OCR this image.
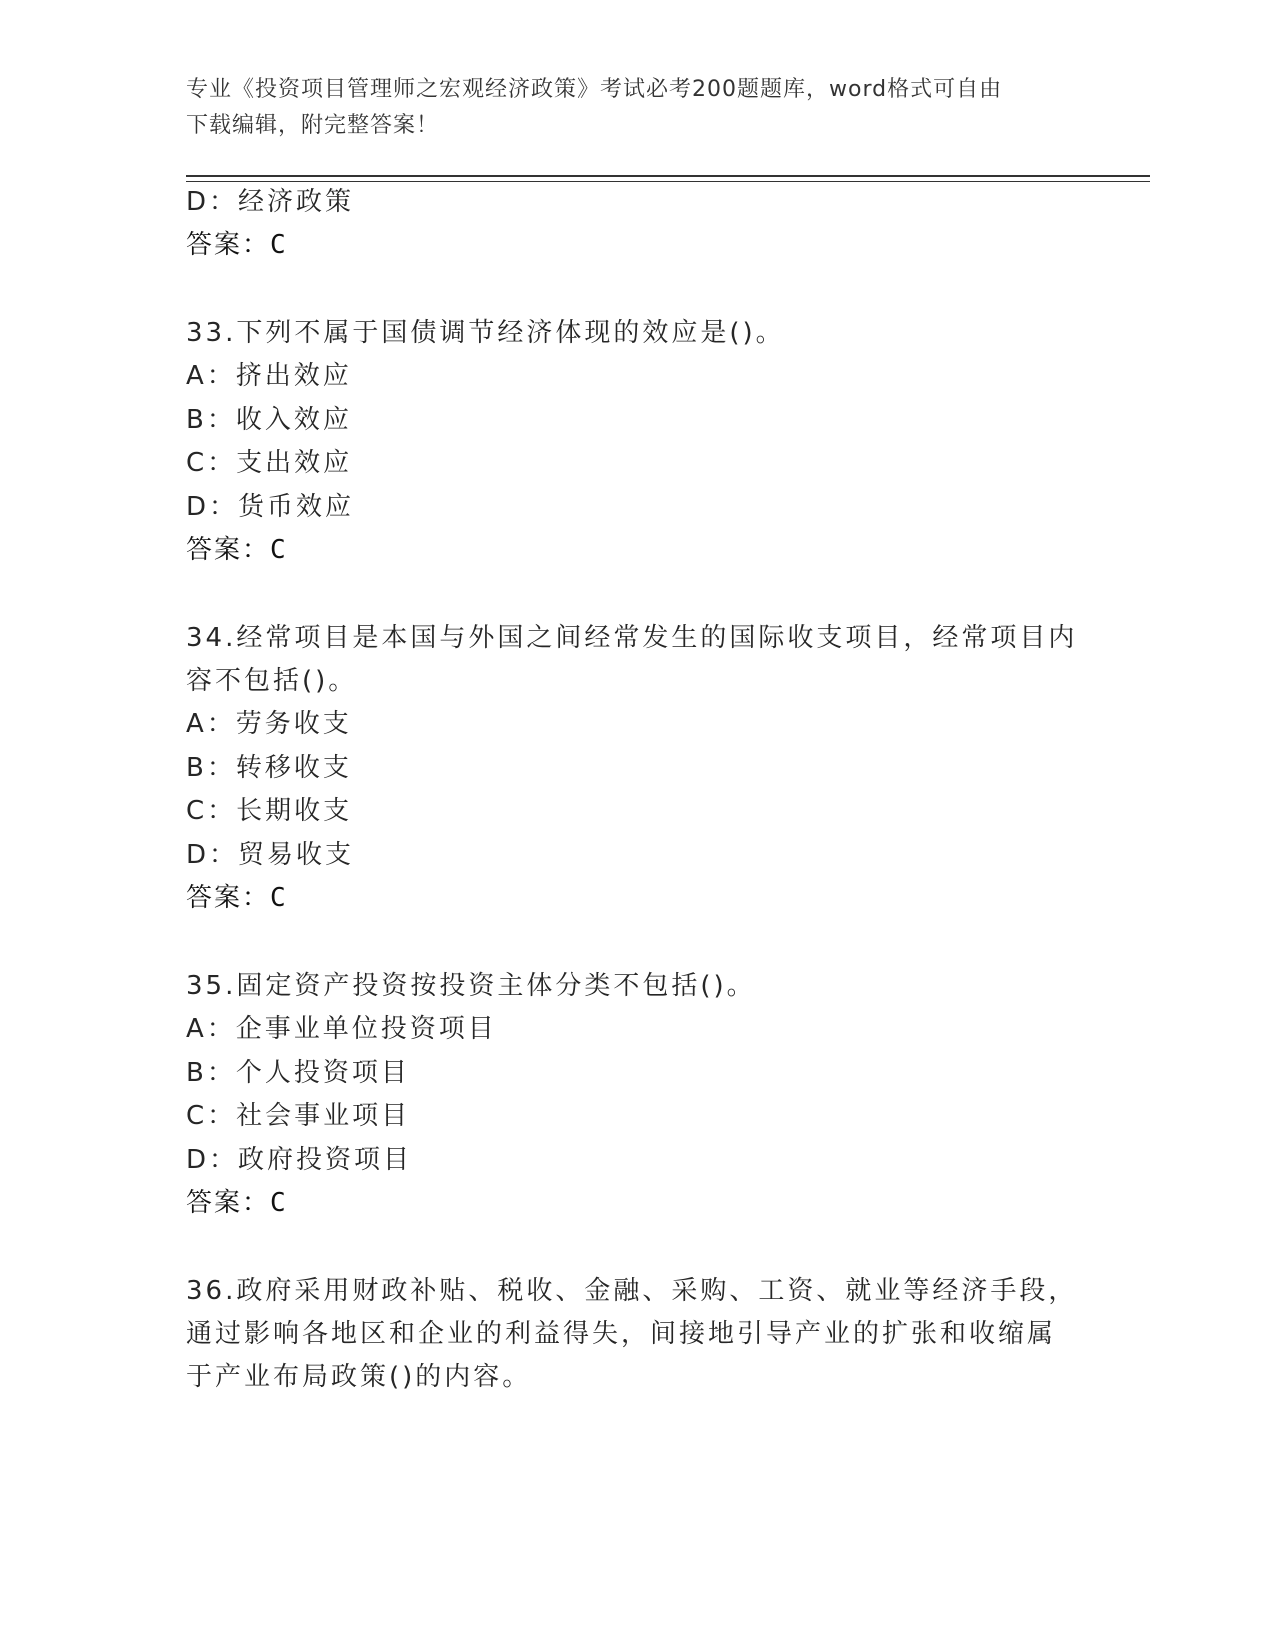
专业《投资项目管理师之宏观经济政策》考试必考200题题库，word格式可自由
下载编辑，附完整答案！

D：经济政策

答案：C

33.下列不属于国债调节经济体现的效应是()。

A：挤出效应

B：收入效应

C：支出效应

D：货币效应

答案：C

34.经常项目是本国与外国之间经常发生的国际收支项目，经常项目内

容不包括()。

A：劳务收支

B：转移收支

C：长期收支

D：贸易收支

答案：C

35.固定资产投资按投资主体分类不包括()。

A：企事业单位投资项目

B：个人投资项目

C：社会事业项目

D：政府投资项目

答案：C

36.政府采用财政补贴、税收、金融、采购、工资、就业等经济手段，

通过影响各地区和企业的利益得失，间接地引导产业的扩张和收缩属

于产业布局政策()的内容。
